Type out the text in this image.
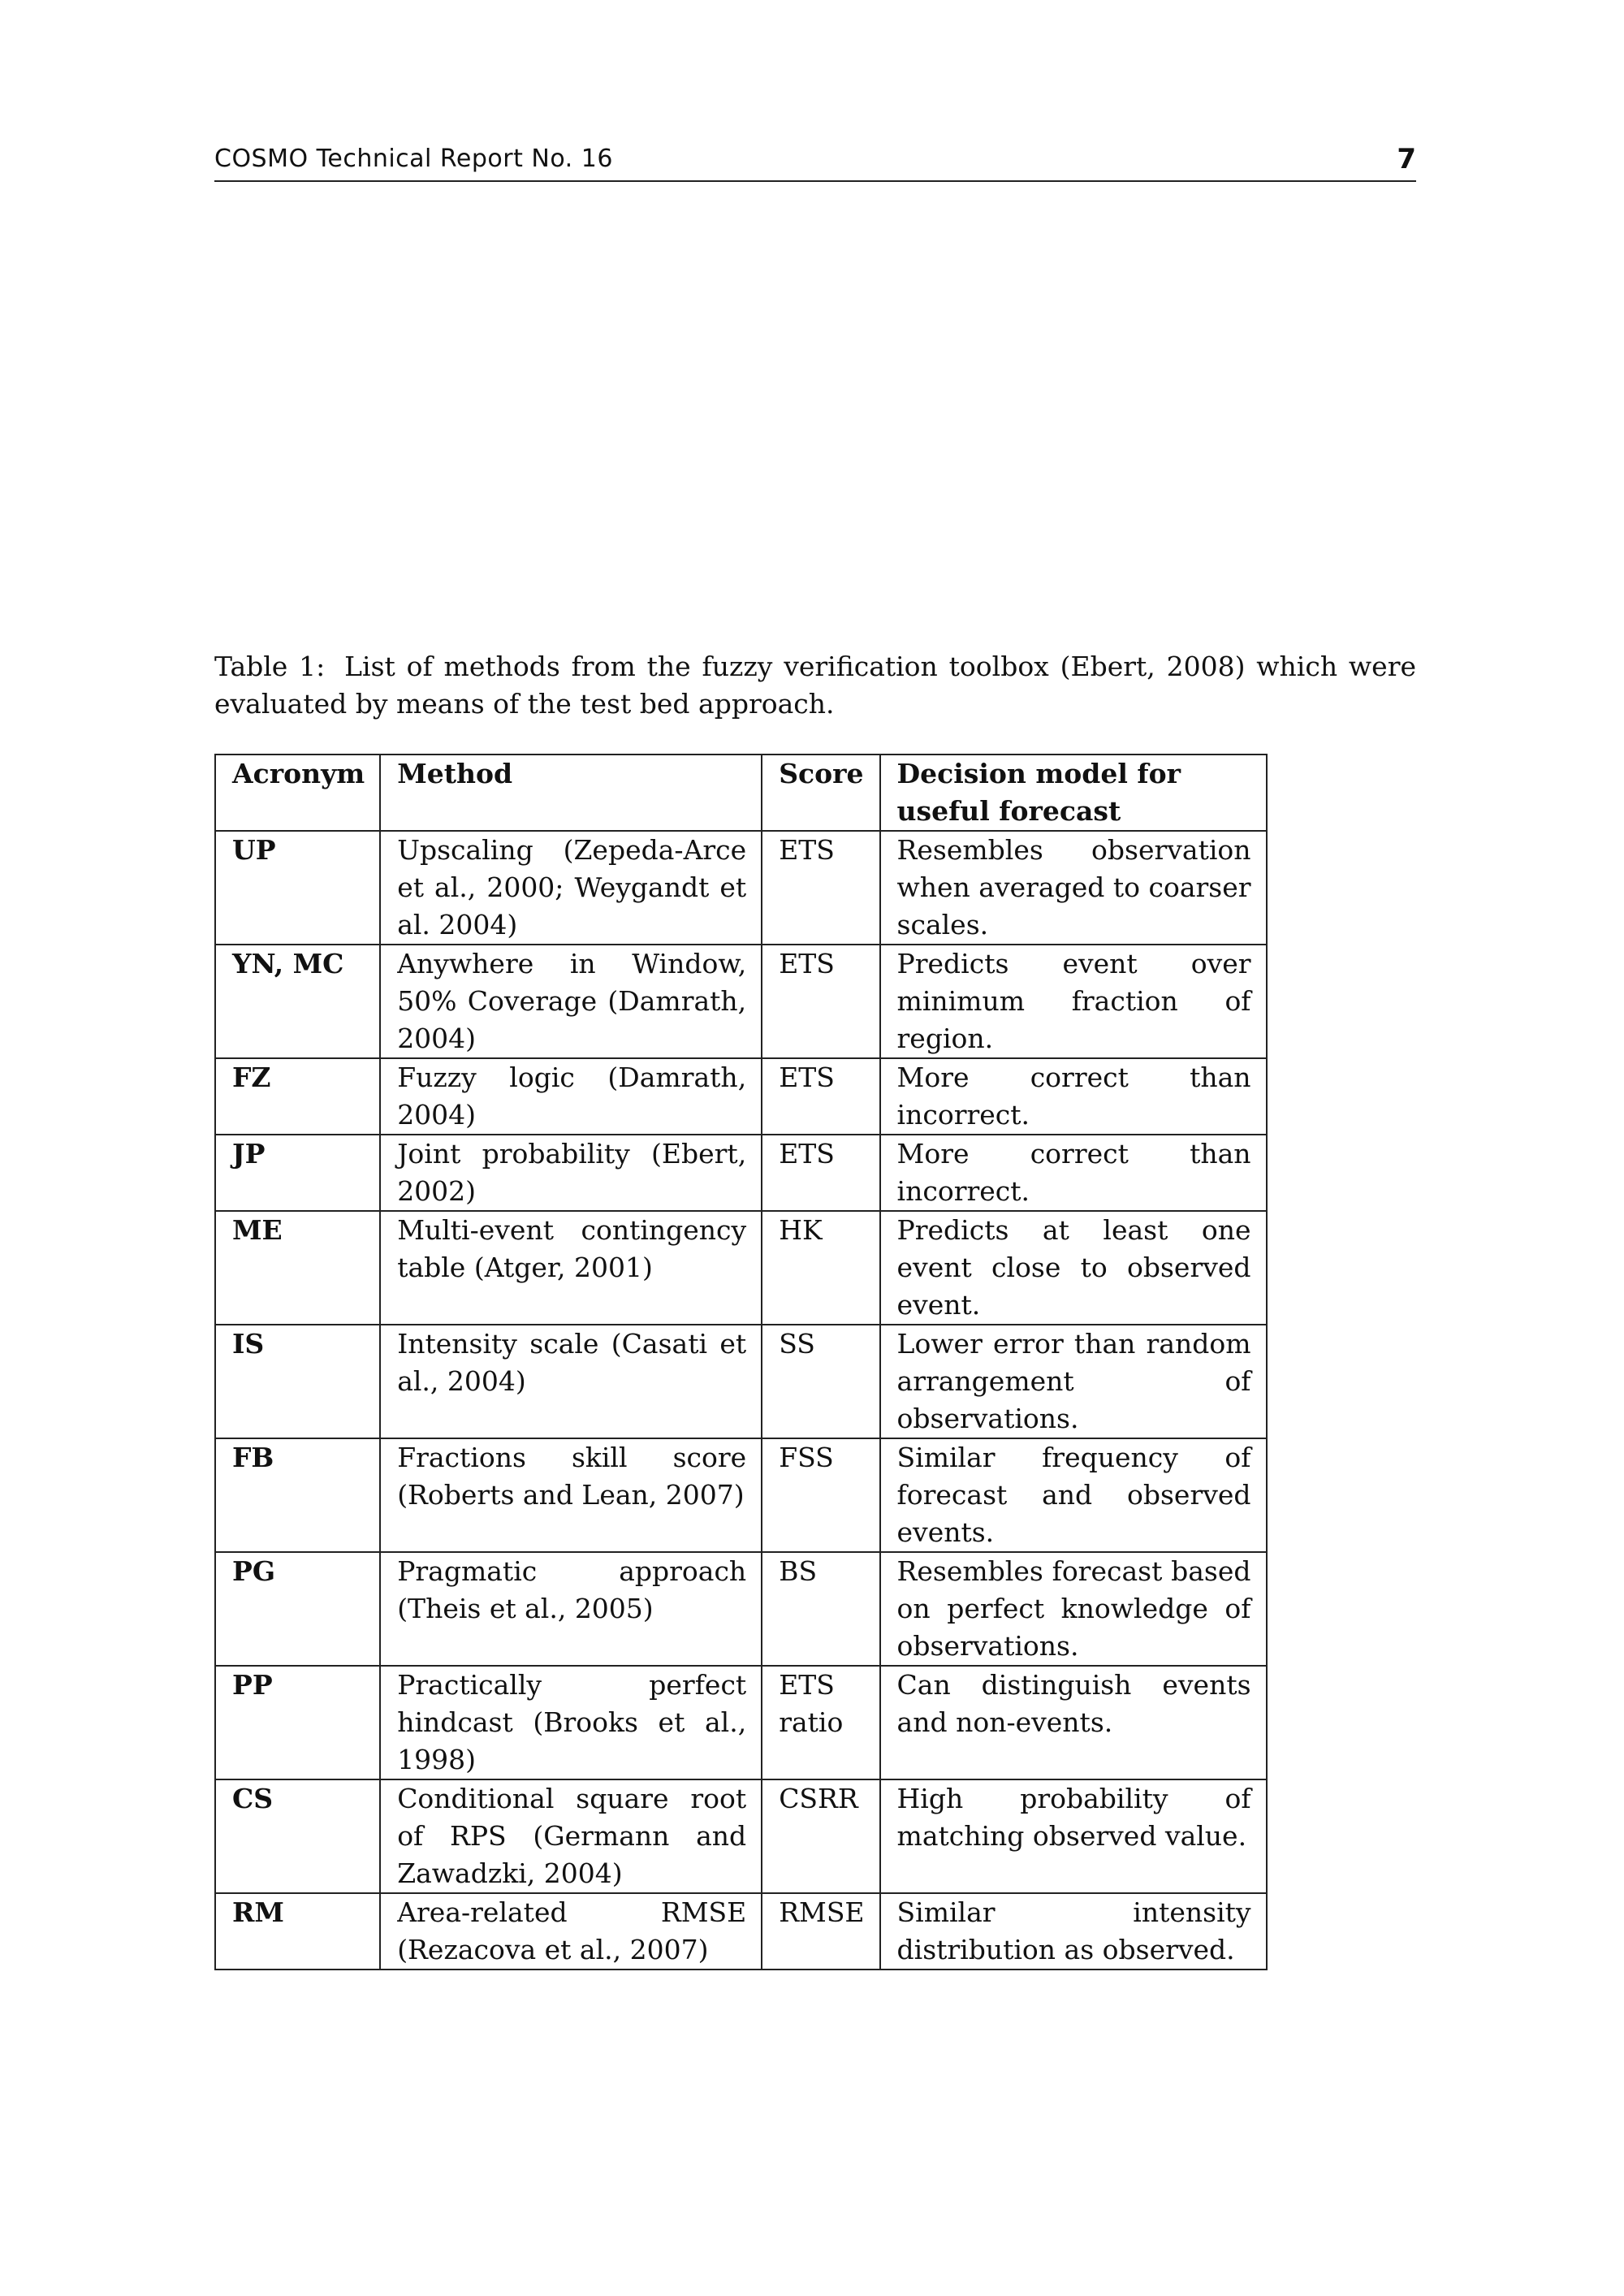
COSMO Technical Report No. 16	7

Table 1: List of methods from the fuzzy verification toolbox (Ebert, 2008) which were evaluated by means of the test bed approach.

Acronym	Method	Score	Decision model for useful forecast
UP	Upscaling (Zepeda-Arce et al., 2000; Weygandt et al. 2004)	ETS	Resembles observation when averaged to coarser scales.
YN, MC	Anywhere in Window, 50% Coverage (Damrath, 2004)	ETS	Predicts event over minimum fraction of region.
FZ	Fuzzy logic (Damrath, 2004)	ETS	More correct than incorrect.
JP	Joint probability (Ebert, 2002)	ETS	More correct than incorrect.
ME	Multi-event contingency table (Atger, 2001)	HK	Predicts at least one event close to observed event.
IS	Intensity scale (Casati et al., 2004)	SS	Lower error than random arrangement of observations.
FB	Fractions skill score (Roberts and Lean, 2007)	FSS	Similar frequency of forecast and observed events.
PG	Pragmatic approach (Theis et al., 2005)	BS	Resembles forecast based on perfect knowledge of observations.
PP	Practically perfect hindcast (Brooks et al., 1998)	ETS ratio	Can distinguish events and non-events.
CS	Conditional square root of RPS (Germann and Zawadzki, 2004)	CSRR	High probability of matching observed value.
RM	Area-related RMSE (Rezacova et al., 2007)	RMSE	Similar intensity distribution as observed.
